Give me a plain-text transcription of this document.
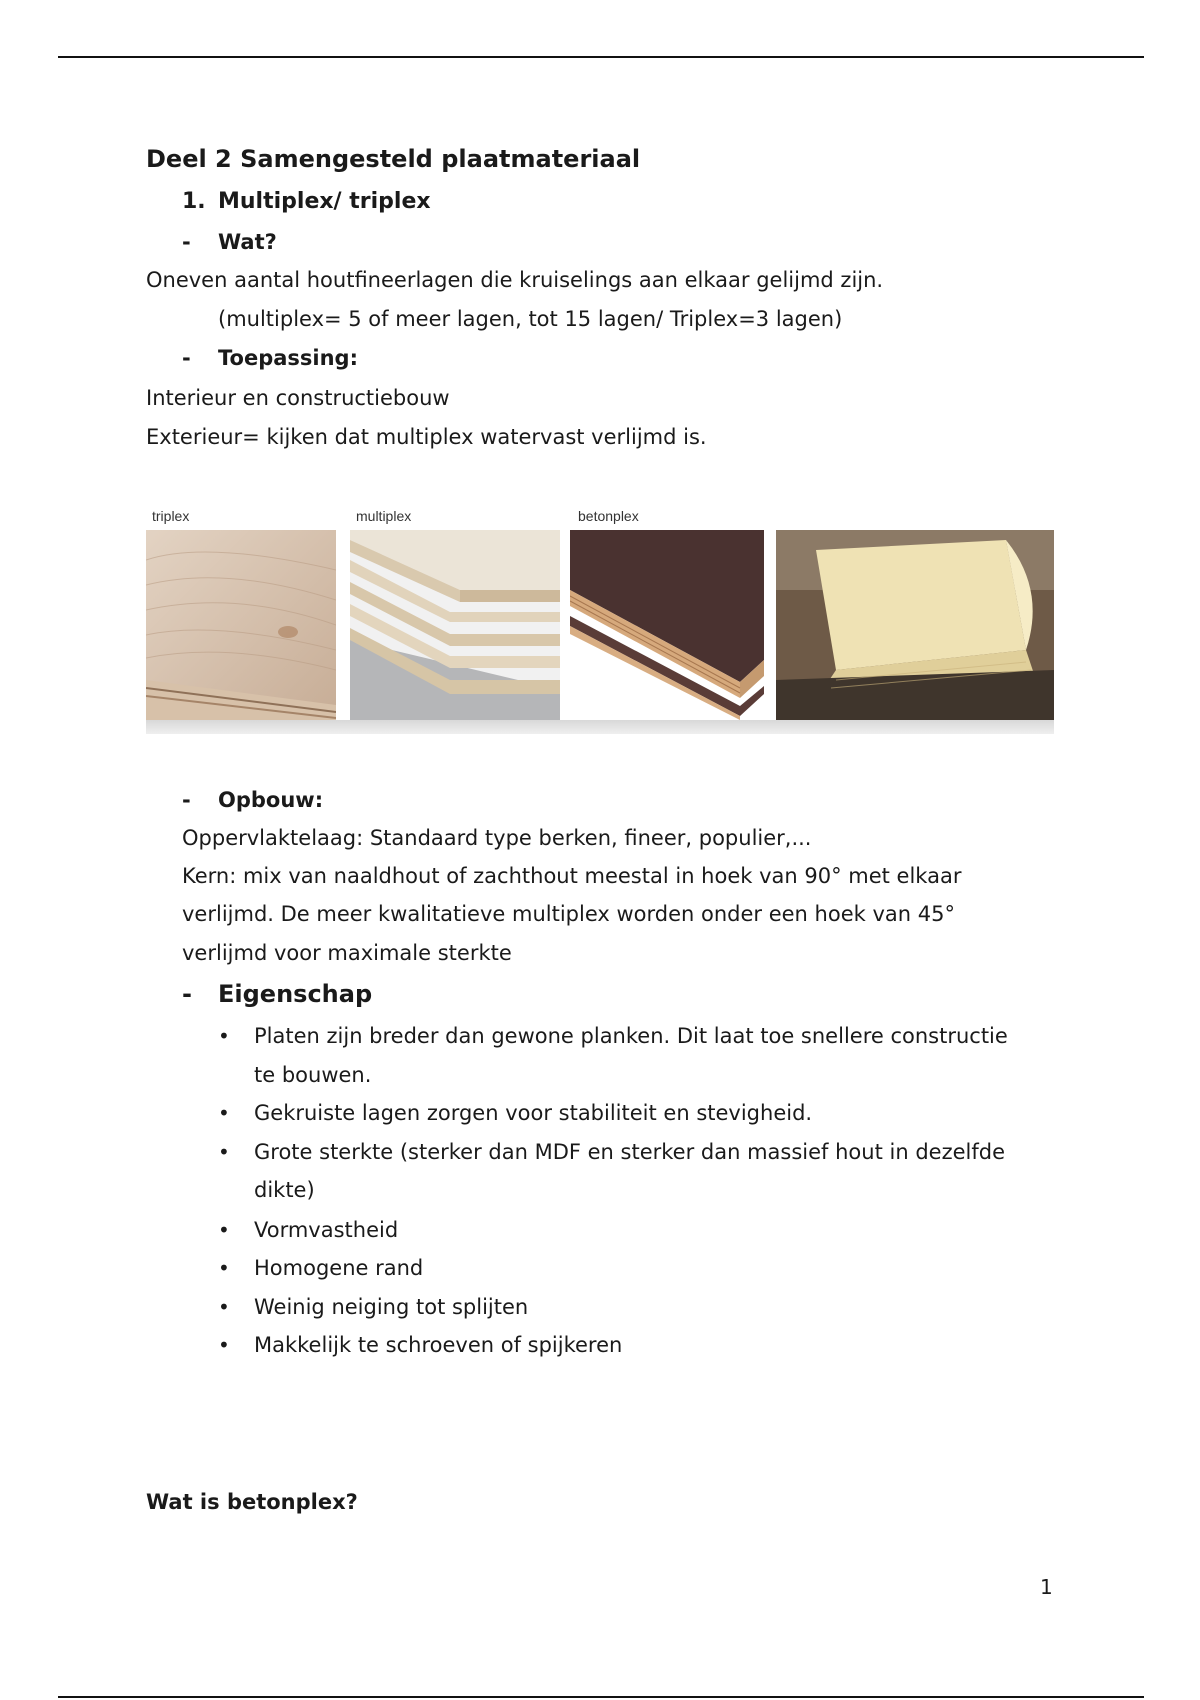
Deel 2 Samengesteld plaatmateriaal
1. Multiplex/ triplex
- Wat?
Oneven aantal houtfineerlagen die kruiselings aan elkaar gelijmd zijn.
(multiplex= 5 of meer lagen, tot 15 lagen/ Triplex=3 lagen)
- Toepassing:
Interieur en constructiebouw
Exterieur= kijken dat multiplex watervast verlijmd is.
triplex	multiplex	betonplex
- Opbouw:
Oppervlaktelaag: Standaard type berken, fineer, populier,...
Kern: mix van naaldhout of zachthout meestal in hoek van 90° met elkaar
verlijmd. De meer kwalitatieve multiplex worden onder een hoek van 45°
verlijmd voor maximale sterkte
- Eigenschap
• Platen zijn breder dan gewone planken. Dit laat toe snellere constructie
te bouwen.
• Gekruiste lagen zorgen voor stabiliteit en stevigheid.
• Grote sterkte (sterker dan MDF en sterker dan massief hout in dezelfde
dikte)
• Vormvastheid
• Homogene rand
• Weinig neiging tot splijten
• Makkelijk te schroeven of spijkeren
Wat is betonplex?
1
